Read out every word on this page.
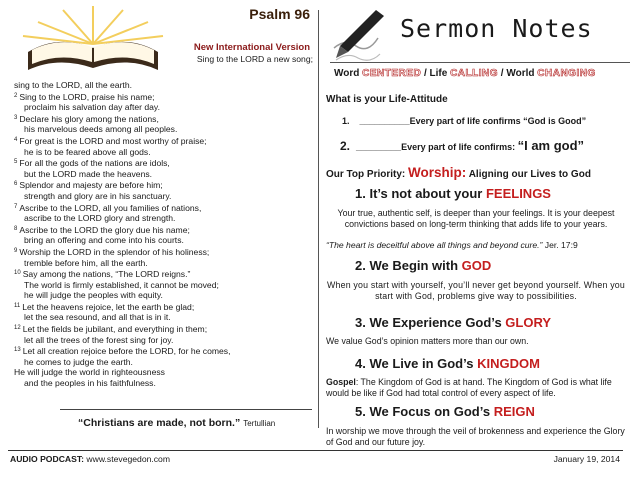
Psalm 96
New International Version
Sing to the LORD a new song;
sing to the LORD, all the earth.
$^2$ Sing to the LORD, praise his name;
proclaim his salvation day after day.
$^3$ Declare his glory among the nations,
his marvelous deeds among all peoples.
$^4$ For great is the LORD and most worthy of praise;
he is to be feared above all gods.
$^5$ For all the gods of the nations are idols,
but the LORD made the heavens.
$^6$ Splendor and majesty are before him;
strength and glory are in his sanctuary.
$^7$ Ascribe to the LORD, all you families of nations,
ascribe to the LORD glory and strength.
$^8$ Ascribe to the LORD the glory due his name;
bring an offering and come into his courts.
$^9$ Worship the LORD in the splendor of his holiness;
tremble before him, all the earth.
$^{10}$ Say among the nations, “The LORD reigns.”
The world is firmly established, it cannot be moved;
he will judge the peoples with equity.
$^{11}$ Let the heavens rejoice, let the earth be glad;
let the sea resound, and all that is in it.
$^{12}$ Let the fields be jubilant, and everything in them;
let all the trees of the forest sing for joy.
$^{13}$ Let all creation rejoice before the LORD, for he comes,
he comes to judge the earth.
He will judge the world in righteousness
and the peoples in his faithfulness.
“Christians are made, not born.” Tertullian
Sermon Notes
Word CENTERED / Life CALLING / World CHANGING
What is your Life-Attitude
1. __________Every part of life confirms “God is Good”
2. _________Every part of life confirms: “I am god”
Our Top Priority: Worship: Aligning our Lives to God
1. It’s not about your FEELINGS
Your true, authentic self, is deeper than your feelings. It is your deepest convictions based on long-term thinking that adds life to your years.
“The heart is deceitful above all things and beyond cure.” Jer. 17:9
2. We Begin with GOD
When you start with yourself, you’ll never get beyond yourself. When you start with God, problems give way to possibilities.
3. We Experience God’s GLORY
We value God’s opinion matters more than our own.
4. We Live in God’s KINGDOM
Gospel: The Kingdom of God is at hand. The Kingdom of God is what life would be like if God had total control of every aspect of life.
5. We Focus on God’s REIGN
In worship we move through the veil of brokenness and experience the Glory of God and our future joy.
AUDIO PODCAST: www.stevegedon.com	January 19, 2014
